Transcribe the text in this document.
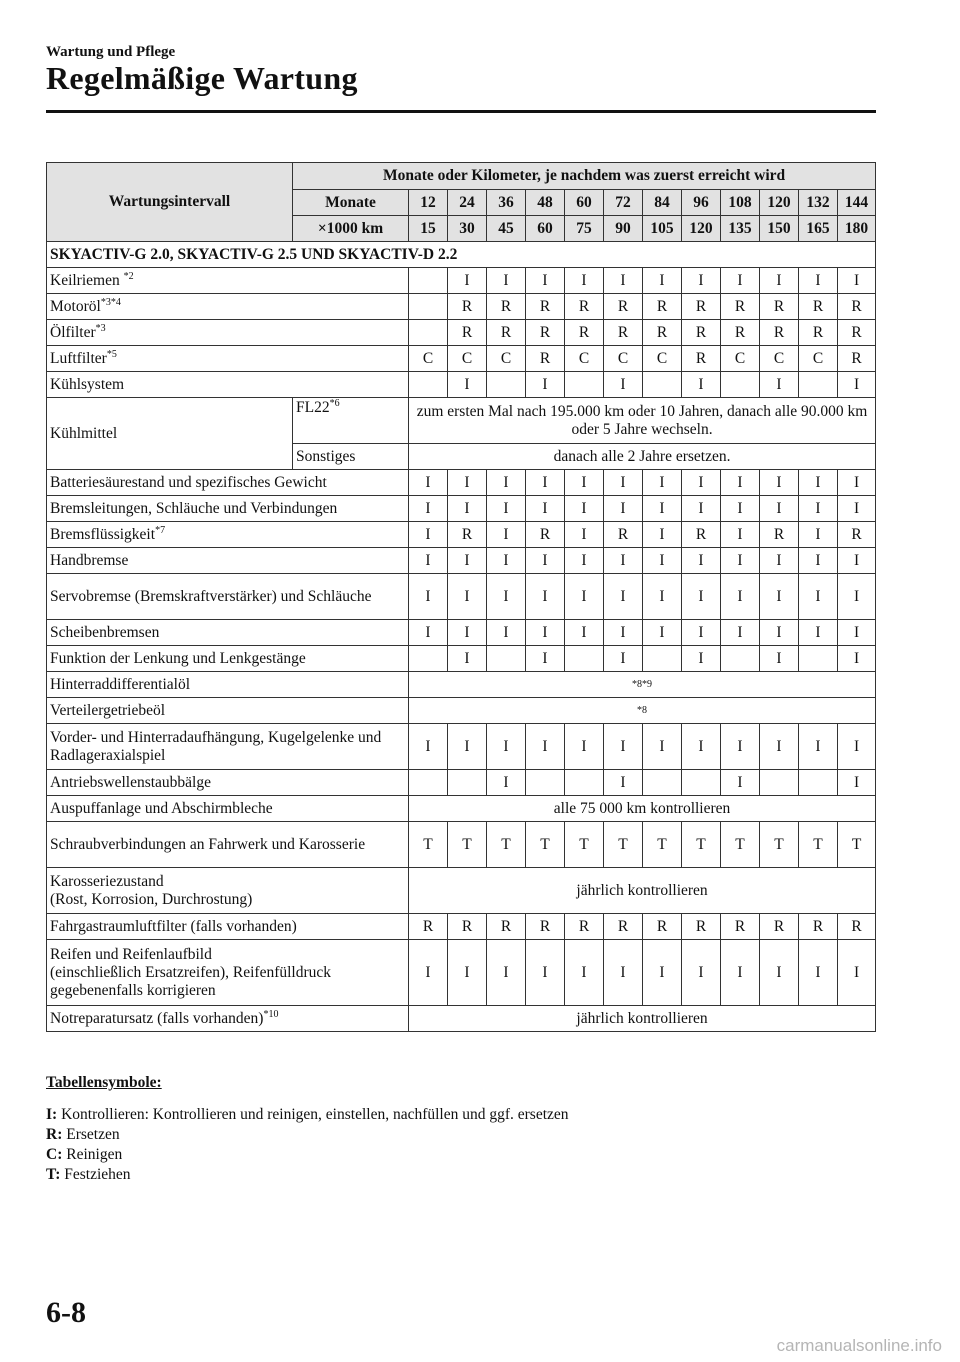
Wartung und Pflege
Regelmäßige Wartung
Wartungsintervall	Monate oder Kilometer, je nachdem was zuerst erreicht wird												
	Monate	12	24	36	48	60	72	84	96	108	120	132	144
	×1000 km	15	30	45	60	75	90	105	120	135	150	165	180
SKYACTIV-G 2.0, SKYACTIV-G 2.5 UND SKYACTIV-D 2.2													
Keilriemen $^{*2}$			I	I	I	I	I	I	I	I	I	I	I
Motoröl$^{*3*4}$			R	R	R	R	R	R	R	R	R	R	R
Ölfilter$^{*3}$			R	R	R	R	R	R	R	R	R	R	R
Luftfilter$^{*5}$		C	C	C	R	C	C	C	R	C	C	C	R
Kühlsystem			I		I		I		I		I		I
Kühlmittel	FL22$^{*6}$	zum ersten Mal nach 195.000 km oder 10 Jahren, danach alle 90.000 km oder 5 Jahre wechseln.											
	Sonstiges	danach alle 2 Jahre ersetzen.											
Batteriesäurestand und spezifisches Gewicht		I	I	I	I	I	I	I	I	I	I	I	I
Bremsleitungen, Schläuche und Verbindungen		I	I	I	I	I	I	I	I	I	I	I	I
Bremsflüssigkeit$^{*7}$		I	R	I	R	I	R	I	R	I	R	I	R
Handbremse		I	I	I	I	I	I	I	I	I	I	I	I
Servobremse (Bremskraftverstärker) und Schläuche		I	I	I	I	I	I	I	I	I	I	I	I
Scheibenbremsen		I	I	I	I	I	I	I	I	I	I	I	I
Funktion der Lenkung und Lenkgestänge			I		I		I		I		I		I
Hinterraddifferentialöl		*8*9											
Verteilergetriebeöl		*8											
Vorder- und Hinterradaufhängung, Kugelgelenke und Radlageraxialspiel		I	I	I	I	I	I	I	I	I	I	I	I
Antriebswellenstaubbälge				I			I			I			I
Auspuffanlage und Abschirmbleche		alle 75 000 km kontrollieren											
Schraubverbindungen an Fahrwerk und Karosserie		T	T	T	T	T	T	T	T	T	T	T	T
Karosseriezustand
(Rost, Korrosion, Durchrostung)		jährlich kontrollieren											
Fahrgastraumluftfilter (falls vorhanden)		R	R	R	R	R	R	R	R	R	R	R	R
Reifen und Reifenlaufbild
(einschließlich Ersatzreifen), Reifenfülldruck
gegebenenfalls korrigieren		I	I	I	I	I	I	I	I	I	I	I	I
Notreparatursatz (falls vorhanden)$^{*10}$		jährlich kontrollieren											
Tabellensymbole:
I: Kontrollieren: Kontrollieren und reinigen, einstellen, nachfüllen und ggf. ersetzen
R: Ersetzen
C: Reinigen
T: Festziehen
6-8
carmanualsonline.info
